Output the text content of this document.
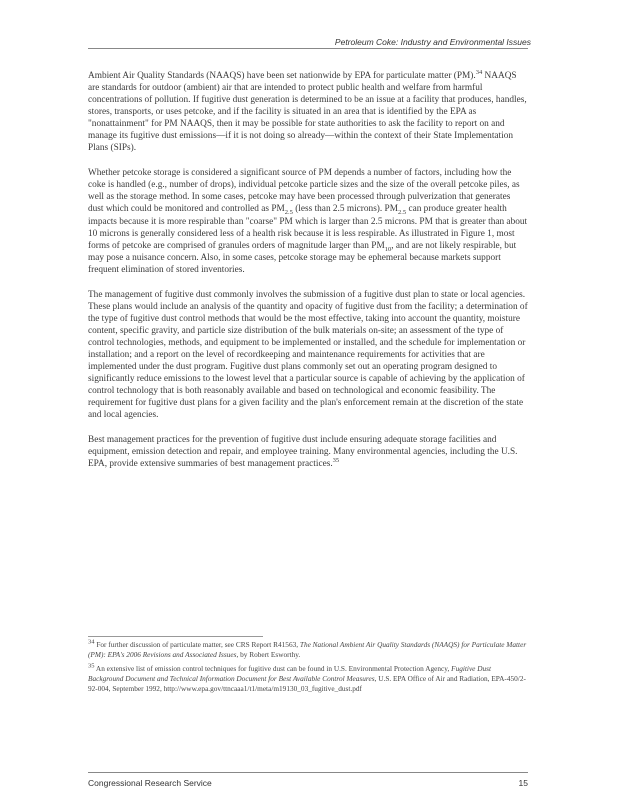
Petroleum Coke: Industry and Environmental Issues

Ambient Air Quality Standards (NAAQS) have been set nationwide by EPA for particulate matter (PM).$^{34}$ NAAQS are standards for outdoor (ambient) air that are intended to protect public health and welfare from harmful concentrations of pollution. If fugitive dust generation is determined to be an issue at a facility that produces, handles, stores, transports, or uses petcoke, and if the facility is situated in an area that is identified by the EPA as "nonattainment" for PM NAAQS, then it may be possible for state authorities to ask the facility to report on and manage its fugitive dust emissions—if it is not doing so already—within the context of their State Implementation Plans (SIPs).

Whether petcoke storage is considered a significant source of PM depends a number of factors, including how the coke is handled (e.g., number of drops), individual petcoke particle sizes and the size of the overall petcoke piles, as well as the storage method. In some cases, petcoke may have been processed through pulverization that generates dust which could be monitored and controlled as $PM_{2.5}$ (less than 2.5 microns). $PM_{2.5}$ can produce greater health impacts because it is more respirable than "coarse" PM which is larger than 2.5 microns. PM that is greater than about 10 microns is generally considered less of a health risk because it is less respirable. As illustrated in Figure 1, most forms of petcoke are comprised of granules orders of magnitude larger than $PM_{10}$, and are not likely respirable, but may pose a nuisance concern. Also, in some cases, petcoke storage may be ephemeral because markets support frequent elimination of stored inventories.

The management of fugitive dust commonly involves the submission of a fugitive dust plan to state or local agencies. These plans would include an analysis of the quantity and opacity of fugitive dust from the facility; a determination of the type of fugitive dust control methods that would be the most effective, taking into account the quantity, moisture content, specific gravity, and particle size distribution of the bulk materials on-site; an assessment of the type of control technologies, methods, and equipment to be implemented or installed, and the schedule for implementation or installation; and a report on the level of recordkeeping and maintenance requirements for activities that are implemented under the dust program. Fugitive dust plans commonly set out an operating program designed to significantly reduce emissions to the lowest level that a particular source is capable of achieving by the application of control technology that is both reasonably available and based on technological and economic feasibility. The requirement for fugitive dust plans for a given facility and the plan's enforcement remain at the discretion of the state and local agencies.

Best management practices for the prevention of fugitive dust include ensuring adequate storage facilities and equipment, emission detection and repair, and employee training. Many environmental agencies, including the U.S. EPA, provide extensive summaries of best management practices.$^{35}$

$^{34}$ For further discussion of particulate matter, see CRS Report R41563, The National Ambient Air Quality Standards (NAAQS) for Particulate Matter (PM): EPA's 2006 Revisions and Associated Issues, by Robert Esworthy.

$^{35}$ An extensive list of emission control techniques for fugitive dust can be found in U.S. Environmental Protection Agency, Fugitive Dust Background Document and Technical Information Document for Best Available Control Measures, U.S. EPA Office of Air and Radiation, EPA-450/2-92-004, September 1992, http://www.epa.gov/ttncaaa1/t1/meta/m19130_03_fugitive_dust.pdf

Congressional Research Service	15
